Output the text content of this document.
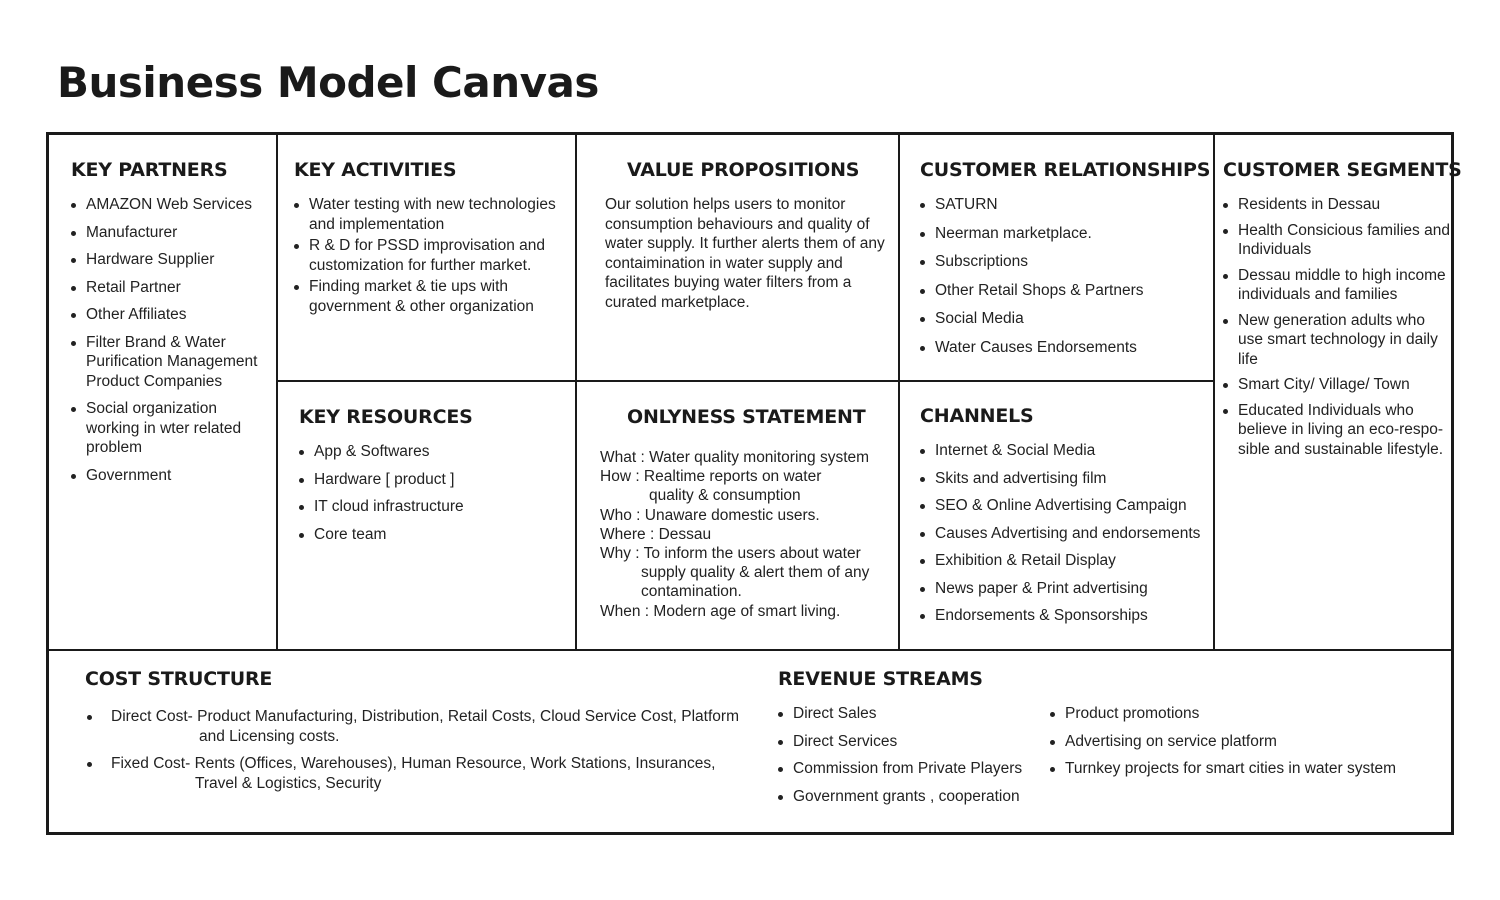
Business Model Canvas
KEY PARTNERS
AMAZON Web Services
Manufacturer
Hardware Supplier
Retail Partner
Other Affiliates
Filter Brand & Water Purification Management Product Companies
Social organization working in wter related problem
Government
KEY ACTIVITIES
Water testing with new technologies and implementation
R & D for PSSD improvisation and customization for further market.
Finding market & tie ups with government & other organization
KEY RESOURCES
App & Softwares
Hardware [ product ]
IT cloud infrastructure
Core team
VALUE PROPOSITIONS
Our solution helps users to monitor consumption behaviours and quality of water supply. It further alerts them of any contaimination in water supply and facilitates buying water filters from a curated marketplace.
ONLYNESS STATEMENT
What : Water quality monitoring system
How : Realtime reports on water
quality & consumption
Who : Unaware domestic users.
Where : Dessau
Why : To inform the users about water
supply quality & alert them of any
contamination.
When : Modern age of smart living.
CUSTOMER RELATIONSHIPS
SATURN
Neerman marketplace.
Subscriptions
Other Retail Shops & Partners
Social Media
Water Causes Endorsements
CHANNELS
Internet & Social Media
Skits and advertising film
SEO & Online Advertising Campaign
Causes Advertising and endorsements
Exhibition & Retail Display
News paper & Print advertising
Endorsements & Sponsorships
CUSTOMER SEGMENTS
Residents in Dessau
Health Consicious families and Individuals
Dessau middle to high income individuals and families
New generation adults who use smart technology in daily life
Smart City/ Village/ Town
Educated Individuals who believe in living an eco-respo-sible and sustainable lifestyle.
COST STRUCTURE
Direct Cost- Product Manufacturing, Distribution, Retail Costs, Cloud Service Cost, Platform
and Licensing costs.
Fixed Cost- Rents (Offices, Warehouses), Human Resource, Work Stations, Insurances,
Travel & Logistics, Security
REVENUE STREAMS
Direct Sales
Direct Services
Commission from Private Players
Government grants , cooperation
Product promotions
Advertising on service platform
Turnkey projects for smart cities in water system
